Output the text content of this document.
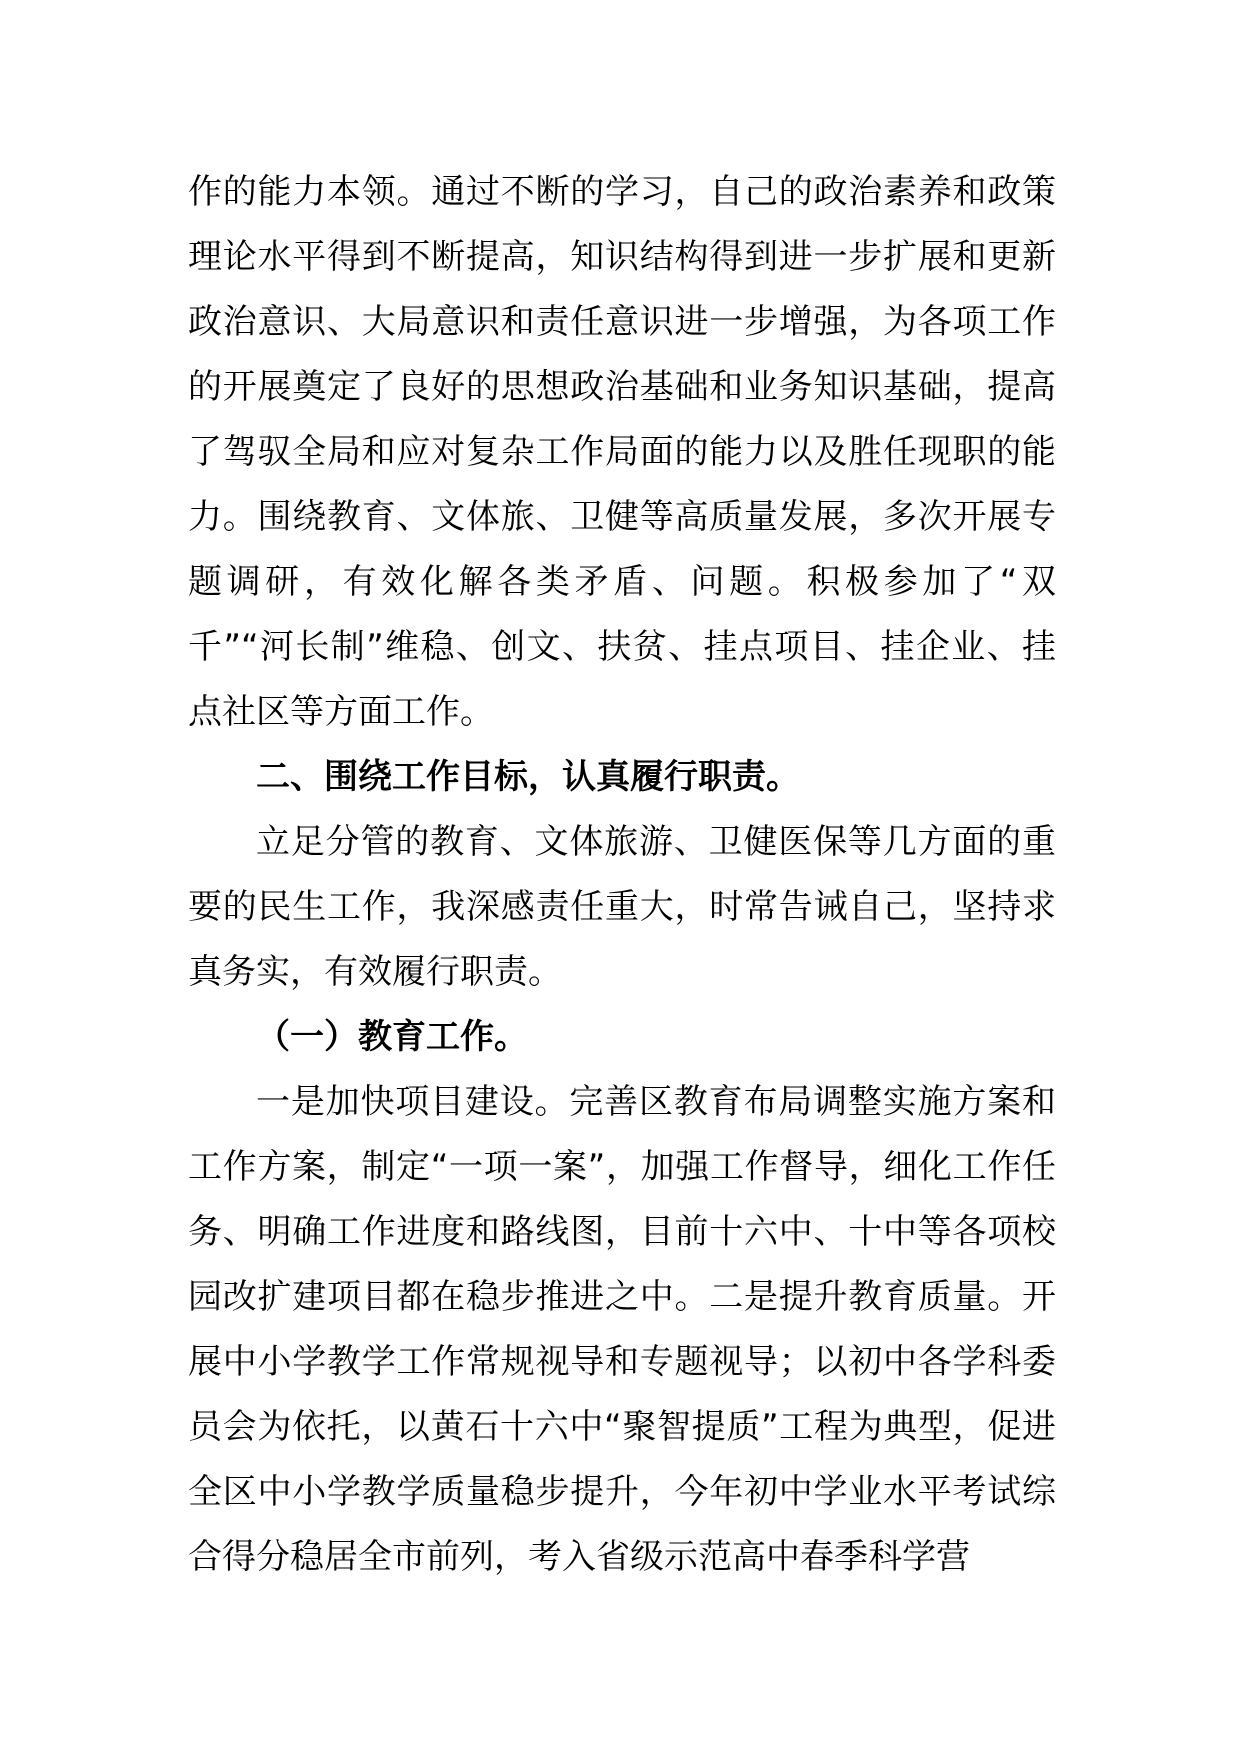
作的能力本领。通过不断的学习，自己的政治素养和政策理论水平得到不断提高，知识结构得到进一步扩展和更新政治意识、大局意识和责任意识进一步增强，为各项工作的开展奠定了良好的思想政治基础和业务知识基础，提高了驾驭全局和应对复杂工作局面的能力以及胜任现职的能力。围绕教育、文体旅、卫健等高质量发展，多次开展专题调研，有效化解各类矛盾、问题。积极参加了“双千”“河长制”维稳、创文、扶贫、挂点项目、挂企业、挂点社区等方面工作。

二、围绕工作目标，认真履行职责。

立足分管的教育、文体旅游、卫健医保等几方面的重要的民生工作，我深感责任重大，时常告诫自己，坚持求真务实，有效履行职责。

（一）教育工作。

一是加快项目建设。完善区教育布局调整实施方案和工作方案，制定“一项一案”，加强工作督导，细化工作任务、明确工作进度和路线图，目前十六中、十中等各项校园改扩建项目都在稳步推进之中。二是提升教育质量。开展中小学教学工作常规视导和专题视导；以初中各学科委员会为依托，以黄石十六中“聚智提质”工程为典型，促进全区中小学教学质量稳步提升，今年初中学业水平考试综合得分稳居全市前列，考入省级示范高中春季科学营
